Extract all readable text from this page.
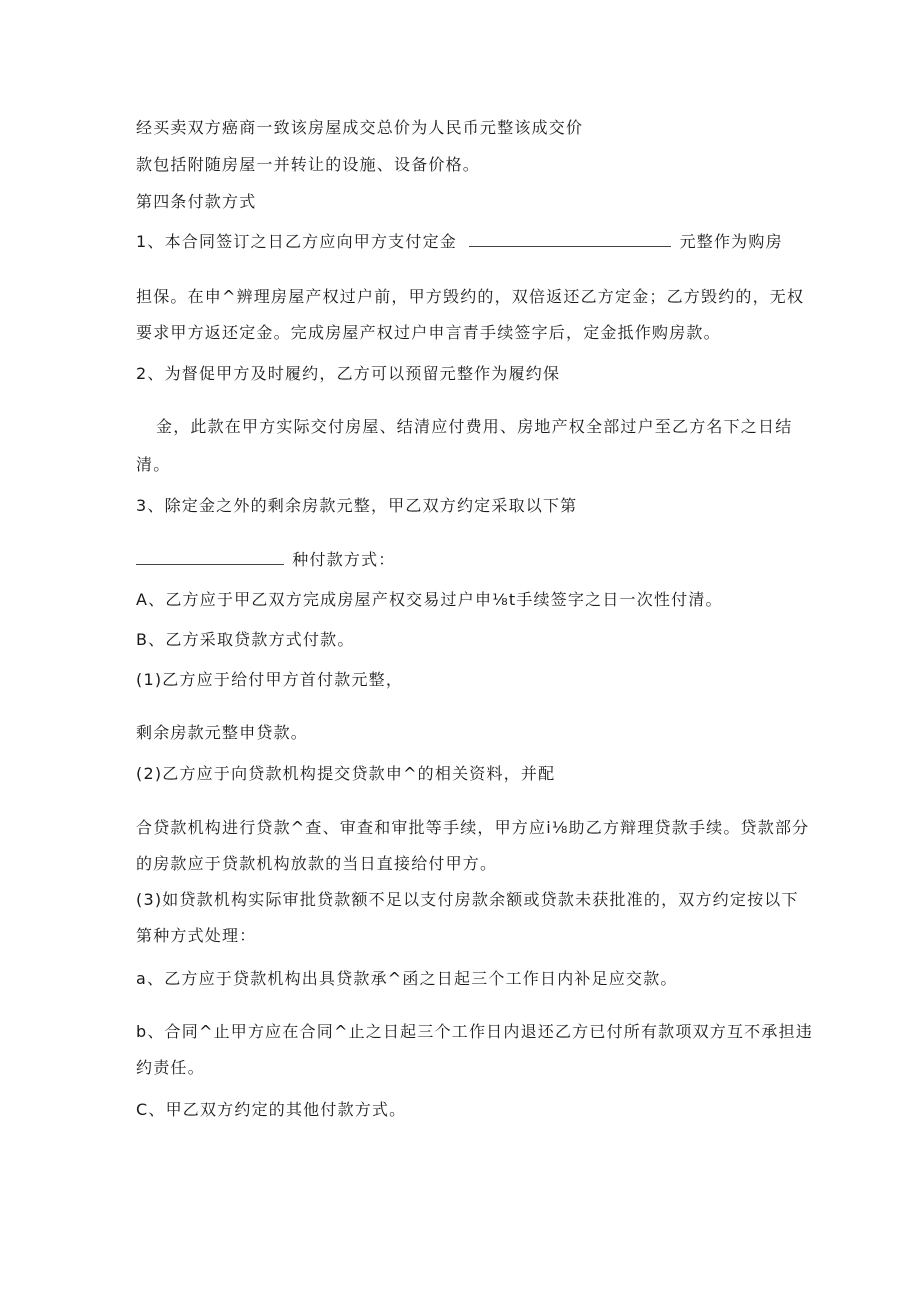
经买卖双方癌商一致该房屋成交总价为人民币元整该成交价
款包括附随房屋一并转让的设施、设备价格。
第四条付款方式
1、本合同签订之日乙方应向甲方支付定金	元整作为购房
担保。在申^辨理房屋产权过户前，甲方毁约的，双倍返还乙方定金；乙方毁约的，无权
要求甲方返还定金。完成房屋产权过户申言青手续签字后，定金抵作购房款。
2、为督促甲方及时履约，乙方可以预留元整作为履约保
金，此款在甲方实际交付房屋、结清应付费用、房地产权全部过户至乙方名下之日结
清。
3、除定金之外的剩余房款元整，甲乙双方约定采取以下第
种付款方式：
A、乙方应于甲乙双方完成房屋产权交易过户申⅛t手续签字之日一次性付清。
B、乙方采取贷款方式付款。
(1)乙方应于给付甲方首付款元整，
剩余房款元整申贷款。
(2)乙方应于向贷款机构提交贷款申^的相关资料，并配
合贷款机构进行贷款^查、审查和审批等手续，甲方应i⅛助乙方辩理贷款手续。贷款部分
的房款应于贷款机构放款的当日直接给付甲方。
(3)如贷款机构实际审批贷款额不足以支付房款余额或贷款未获批准的，双方约定按以下
第种方式处理：
a、乙方应于贷款机构出具贷款承^函之日起三个工作日内补足应交款。
b、合同^止甲方应在合同^止之日起三个工作日内退还乙方已付所有款项双方互不承担违
约责任。
C、甲乙双方约定的其他付款方式。
